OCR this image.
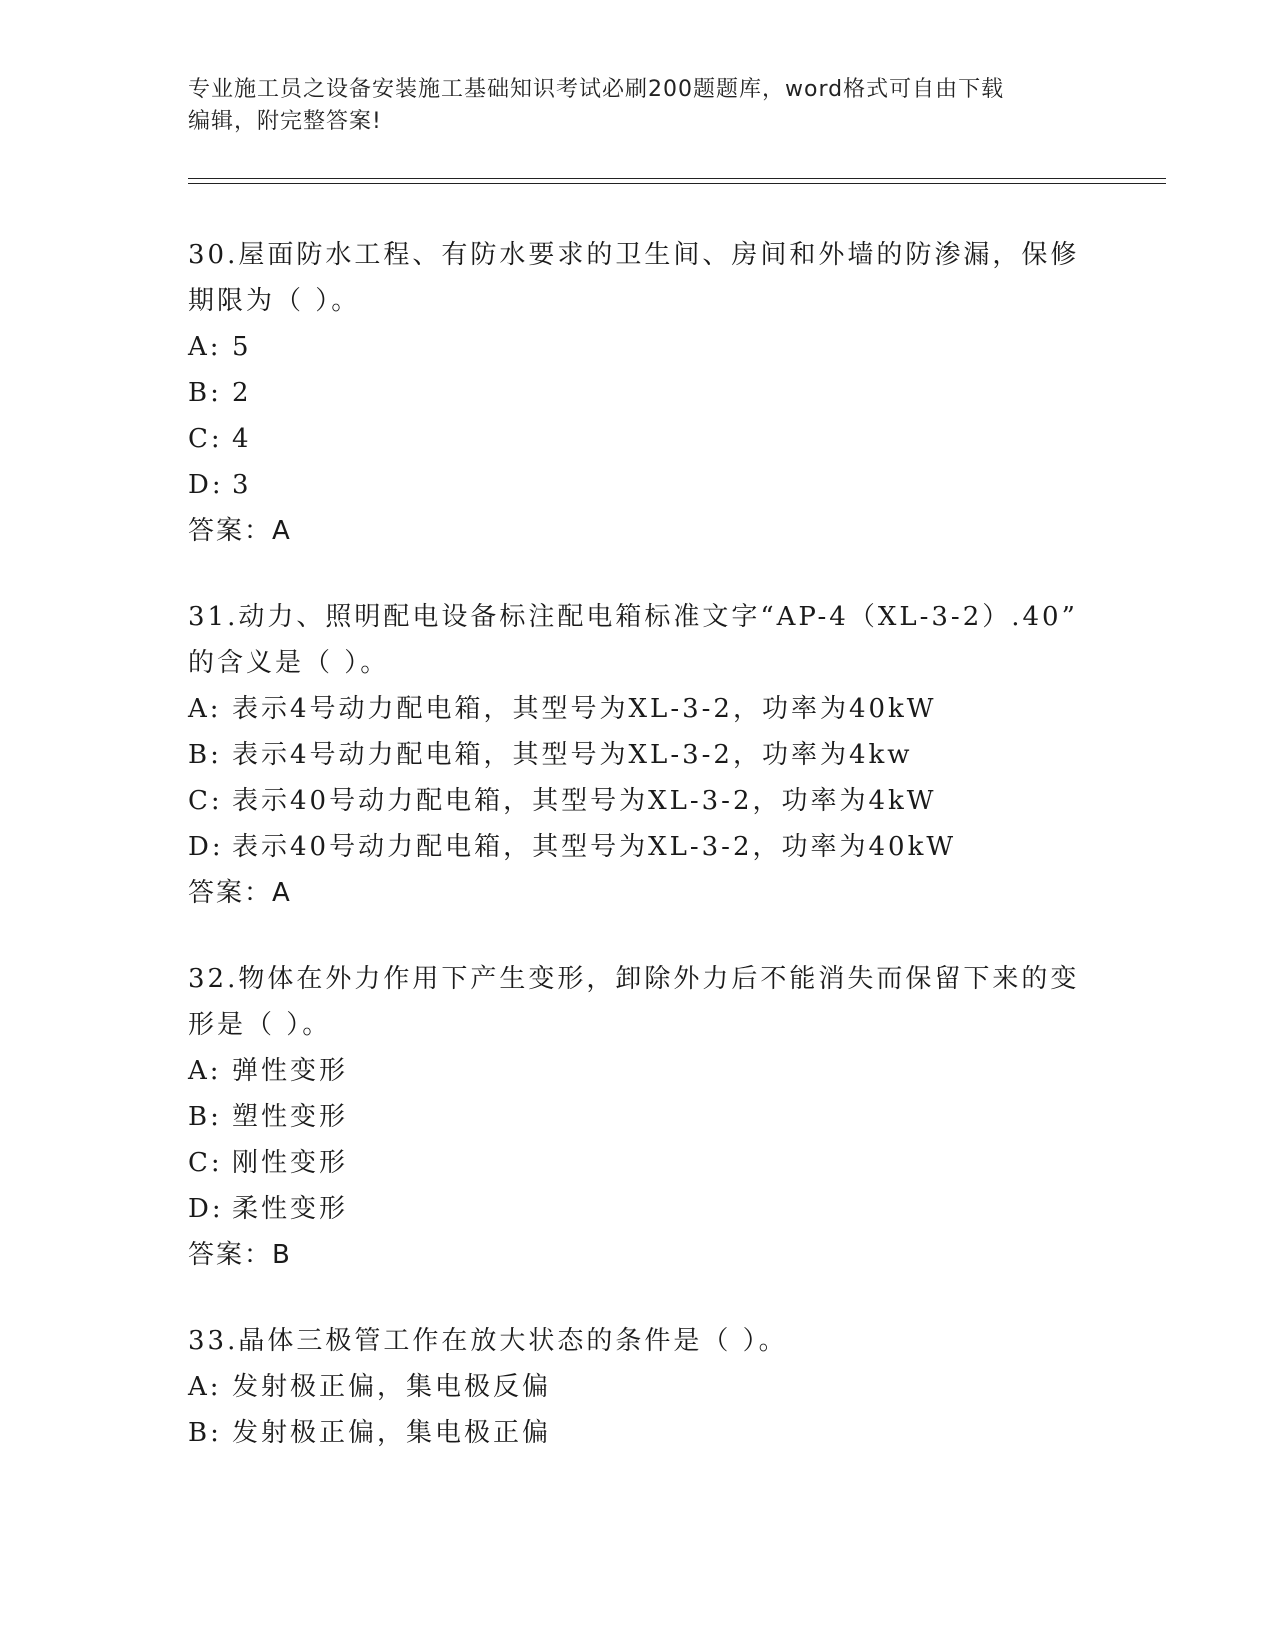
专业施工员之设备安装施工基础知识考试必刷200题题库，word格式可自由下载
编辑，附完整答案!

30.屋面防水工程、有防水要求的卫生间、房间和外墙的防渗漏，保修

期限为（ ）。

A: 5

B: 2

C: 4

D: 3

答案：A

31.动力、照明配电设备标注配电箱标准文字“AP-4（XL-3-2）.40”

的含义是（ ）。

A: 表示4号动力配电箱，其型号为XL-3-2，功率为40kW

B: 表示4号动力配电箱，其型号为XL-3-2，功率为4kw

C: 表示40号动力配电箱，其型号为XL-3-2，功率为4kW

D: 表示40号动力配电箱，其型号为XL-3-2，功率为40kW

答案：A

32.物体在外力作用下产生变形，卸除外力后不能消失而保留下来的变

形是（ ）。

A: 弹性变形

B: 塑性变形

C: 刚性变形

D: 柔性变形

答案：B

33.晶体三极管工作在放大状态的条件是（ ）。

A: 发射极正偏，集电极反偏

B: 发射极正偏，集电极正偏
